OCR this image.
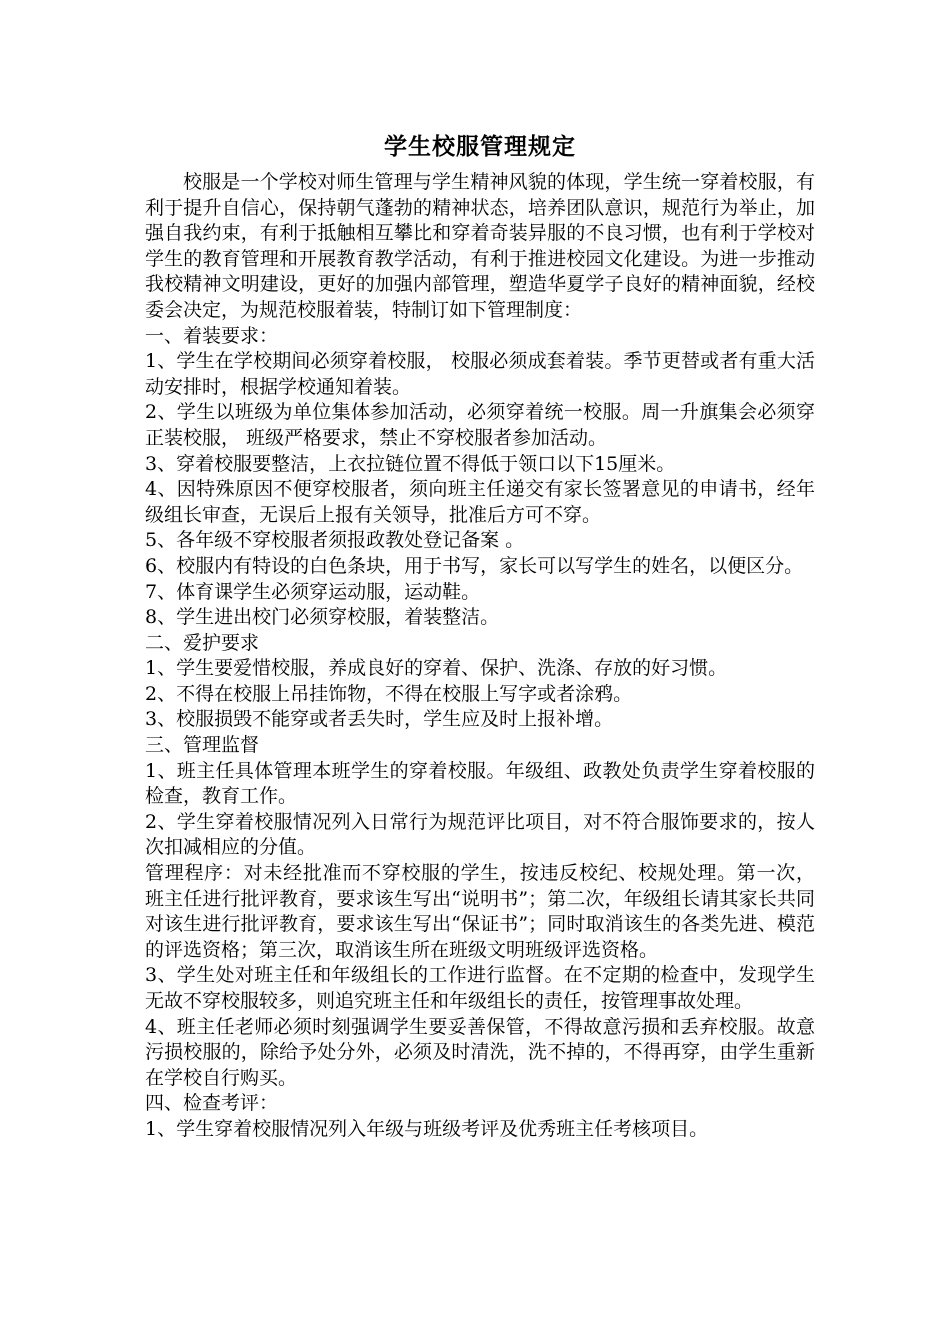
学生校服管理规定

校服是一个学校对师生管理与学生精神风貌的体现，学生统一穿着校服，有利于提升自信心，保持朝气蓬勃的精神状态，培养团队意识，规范行为举止，加强自我约束，有利于抵触相互攀比和穿着奇装异服的不良习惯，也有利于学校对学生的教育管理和开展教育教学活动，有利于推进校园文化建设。为进一步推动我校精神文明建设，更好的加强内部管理，塑造华夏学子良好的精神面貌，经校委会决定，为规范校服着装，特制订如下管理制度：

一、着装要求：

1、学生在学校期间必须穿着校服， 校服必须成套着装。季节更替或者有重大活动安排时，根据学校通知着装。

2、学生以班级为单位集体参加活动，必须穿着统一校服。周一升旗集会必须穿正装校服， 班级严格要求，禁止不穿校服者参加活动。

3、穿着校服要整洁，上衣拉链位置不得低于领口以下15厘米。

4、因特殊原因不便穿校服者，须向班主任递交有家长签署意见的申请书，经年级组长审查，无误后上报有关领导，批准后方可不穿。

5、各年级不穿校服者须报政教处登记备案 。

6、校服内有特设的白色条块，用于书写，家长可以写学生的姓名，以便区分。

7、体育课学生必须穿运动服，运动鞋。

8、学生进出校门必须穿校服，着装整洁。

二、爱护要求

1、学生要爱惜校服，养成良好的穿着、保护、洗涤、存放的好习惯。

2、不得在校服上吊挂饰物，不得在校服上写字或者涂鸦。

3、校服损毁不能穿或者丢失时，学生应及时上报补增。

三、管理监督

1、班主任具体管理本班学生的穿着校服。年级组、政教处负责学生穿着校服的检查，教育工作。

2、学生穿着校服情况列入日常行为规范评比项目，对不符合服饰要求的，按人次扣减相应的分值。

管理程序：对未经批准而不穿校服的学生，按违反校纪、校规处理。第一次， 班主任进行批评教育，要求该生写出“说明书”；第二次，年级组长请其家长共同对该生进行批评教育，要求该生写出“保证书”；同时取消该生的各类先进、模范的评选资格；第三次，取消该生所在班级文明班级评选资格。

3、学生处对班主任和年级组长的工作进行监督。在不定期的检查中，发现学生无故不穿校服较多，则追究班主任和年级组长的责任，按管理事故处理。

4、班主任老师必须时刻强调学生要妥善保管，不得故意污损和丢弃校服。故意污损校服的，除给予处分外，必须及时清洗，洗不掉的，不得再穿，由学生重新在学校自行购买。

四、检查考评：

1、学生穿着校服情况列入年级与班级考评及优秀班主任考核项目。
